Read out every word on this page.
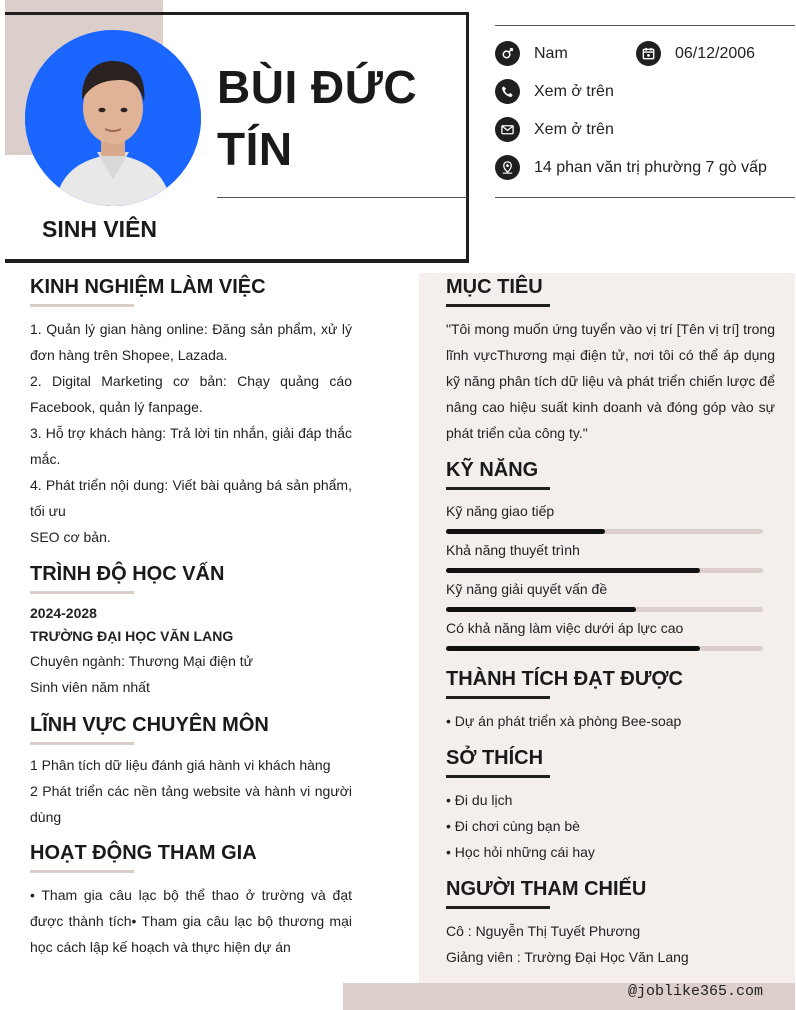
BÙI ĐỨC
TÍN
SINH VIÊN
Nam	06/12/2006
Xem ở trên
Xem ở trên
14 phan văn trị phường 7 gò vấp
KINH NGHIỆM LÀM VIỆC

1. Quản lý gian hàng online: Đăng sản phẩm, xử lý đơn hàng trên Shopee, Lazada.

2. Digital Marketing cơ bản: Chạy quảng cáo Facebook, quản lý fanpage.

3. Hỗ trợ khách hàng: Trả lời tin nhắn, giải đáp thắc mắc.

4. Phát triển nội dung: Viết bài quảng bá sản phẩm, tối ưu

SEO cơ bản.

TRÌNH ĐỘ HỌC VẤN
2024-2028
TRƯỜNG ĐẠI HỌC VĂN LANG
Chuyên ngành: Thương Mại điện tử
Sinh viên năm nhất
LĨNH VỰC CHUYÊN MÔN

1 Phân tích dữ liệu đánh giá hành vi khách hàng

2 Phát triển các nền tảng website và hành vi người dùng

HOẠT ĐỘNG THAM GIA
• Tham gia câu lạc bộ thể thao ở trường và đạt được thành tích• Tham gia câu lạc bộ thương mại học cách lập kế hoạch và thực hiện dự án
MỤC TIÊU
"Tôi mong muốn ứng tuyển vào vị trí [Tên vị trí] trong lĩnh vựcThương mại điện tử, nơi tôi có thể áp dụng kỹ năng phân tích dữ liệu và phát triển chiến lược để nâng cao hiệu suất kinh doanh và đóng góp vào sự phát triển của công ty."
KỸ NĂNG
Kỹ năng giao tiếp
Khả năng thuyết trình
Kỹ năng giải quyết vấn đề
Có khả năng làm việc dưới áp lực cao
THÀNH TÍCH ĐẠT ĐƯỢC

• Dự án phát triển xà phòng Bee-soap

SỞ THÍCH

• Đi du lịch

• Đi chơi cùng bạn bè

• Học hỏi những cái hay

NGƯỜI THAM CHIẾU

Cô : Nguyễn Thị Tuyết Phương

Giảng viên : Trường Đại Học Văn Lang

@joblike365.com
